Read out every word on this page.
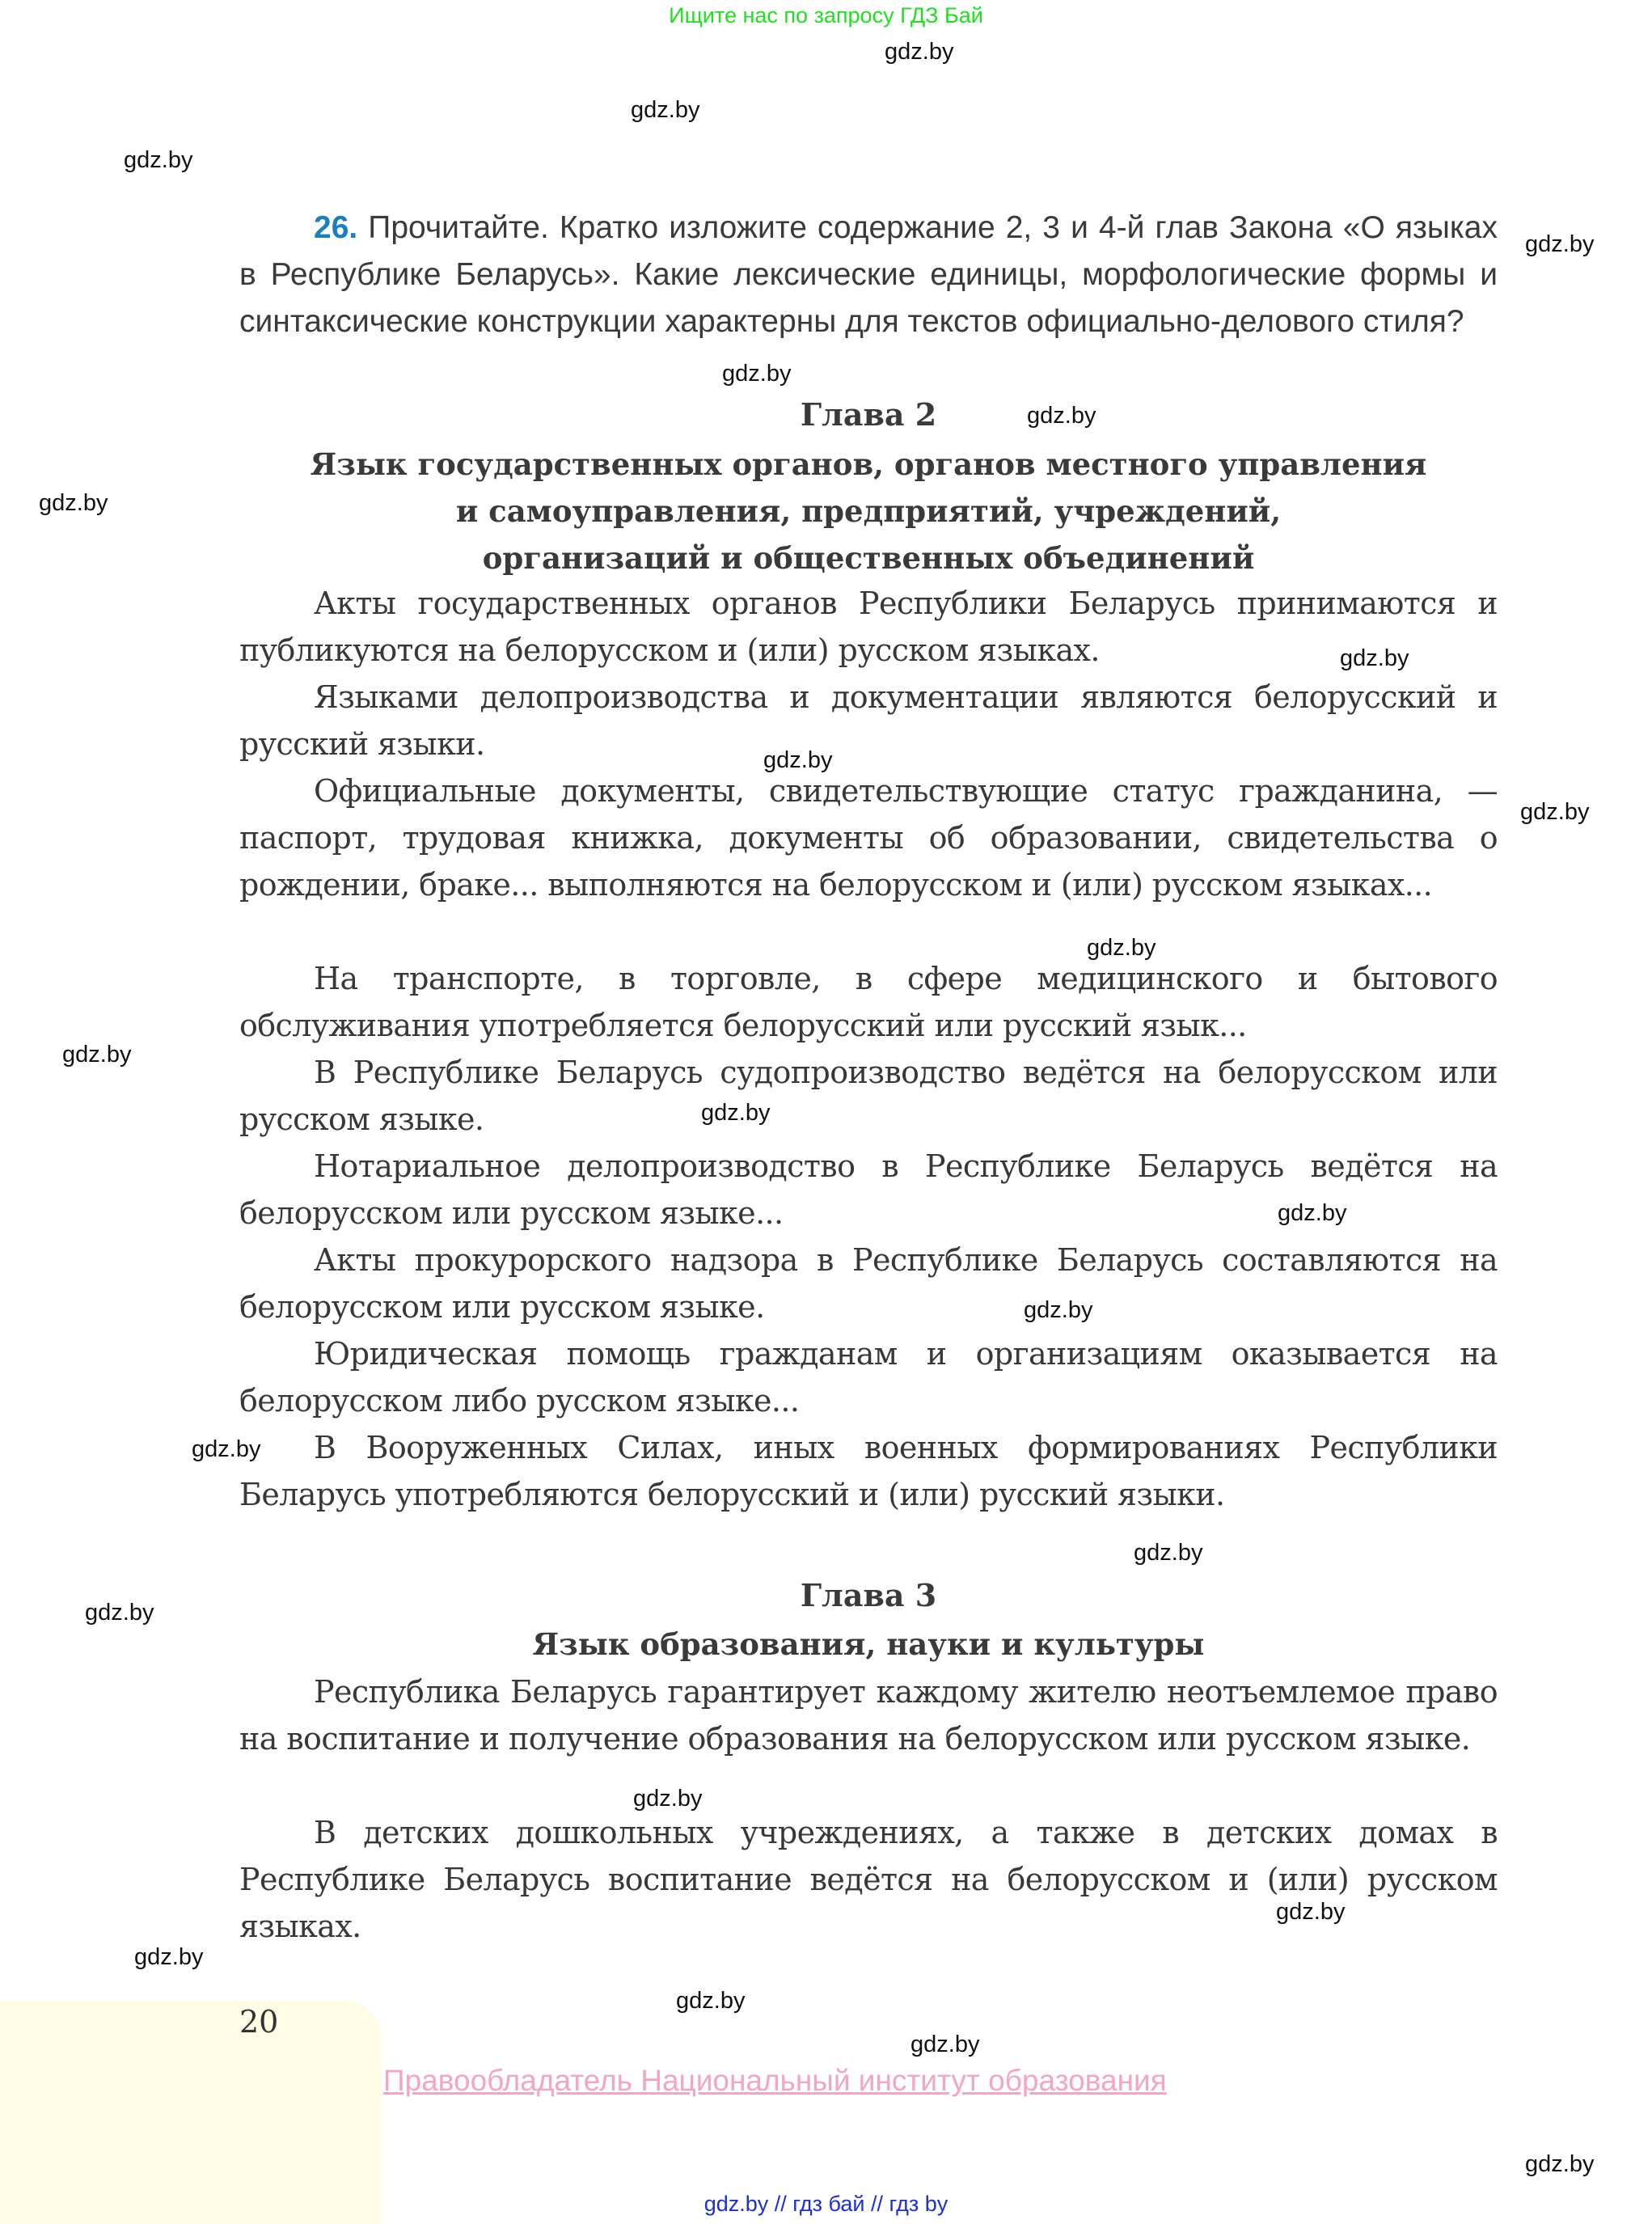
Ищите нас по запросу ГДЗ Бай
gdz.by
gdz.by
gdz.by
gdz.by
gdz.by
gdz.by
gdz.by
gdz.by
gdz.by
gdz.by
gdz.by
gdz.by
gdz.by
gdz.by
gdz.by
gdz.by
gdz.by
gdz.by
gdz.by
gdz.by
gdz.by
gdz.by
gdz.by
gdz.by
26. Прочитайте. Кратко изложите содержание 2, 3 и 4-й глав Закона «О языках в Республике Беларусь». Какие лексические единицы, морфологические формы и синтаксические конструкции характерны для текстов официально-делового стиля?
Глава 2
Язык государственных органов, органов местного управления
и самоуправления, предприятий, учреждений,
организаций и общественных объединений
Акты государственных органов Республики Беларусь принимаются и публикуются на белорусском и (или) русском языках.
Языками делопроизводства и документации являются белорусский и русский языки.
Официальные документы, свидетельствующие статус гражданина, — паспорт, трудовая книжка, документы об образовании, свидетельства о рождении, браке... выполняются на белорусском и (или) русском языках...
На транспорте, в торговле, в сфере медицинского и бытового обслуживания употребляется белорусский или русский язык...
В Республике Беларусь судопроизводство ведётся на белорусском или русском языке.
Нотариальное делопроизводство в Республике Беларусь ведётся на белорусском или русском языке...
Акты прокурорского надзора в Республике Беларусь составляются на белорусском или русском языке.
Юридическая помощь гражданам и организациям оказывается на белорусском либо русском языке...
В Вооруженных Силах, иных военных формированиях Республики Беларусь употребляются белорусский и (или) русский языки.
Глава 3
Язык образования, науки и культуры
Республика Беларусь гарантирует каждому жителю неотъемлемое право на воспитание и получение образования на белорусском или русском языке.
В детских дошкольных учреждениях, а также в детских домах в Республике Беларусь воспитание ведётся на белорусском и (или) русском языках.
20
Правообладатель Национальный институт образования
gdz.by // гдз бай // гдз by
